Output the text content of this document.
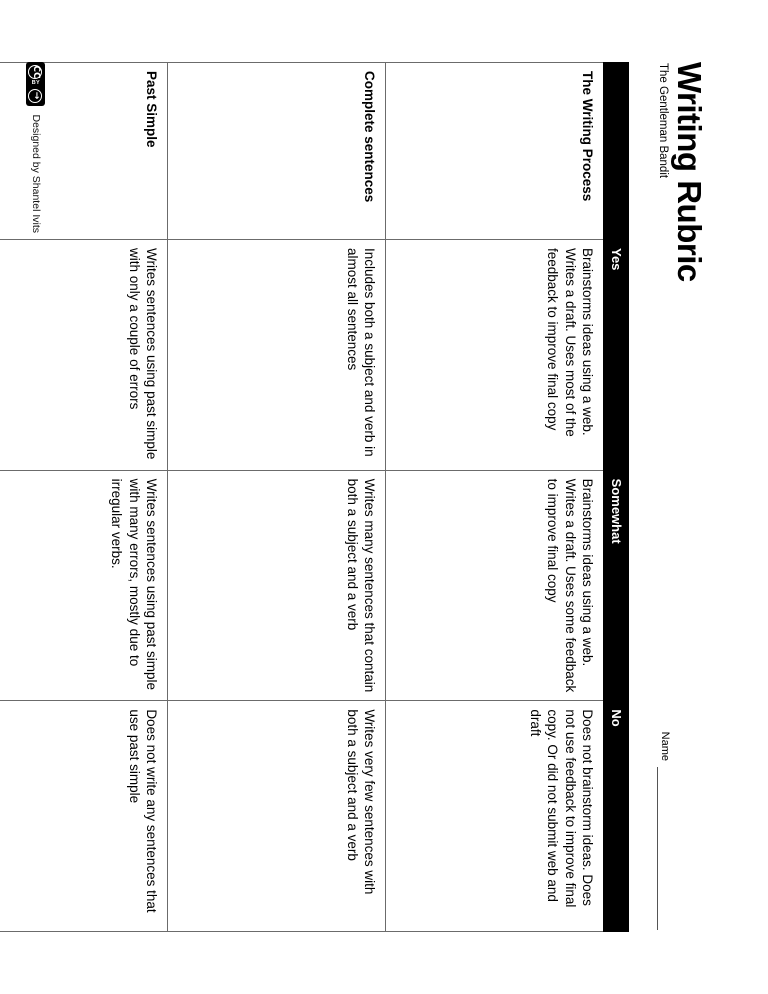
Writing Rubric
The Gentleman Bandit
Name
	Yes	Somewhat	No
The Writing Process	Brainstorms ideas using a web. Writes a draft. Uses most of the feedback to improve final copy	Brainstorms ideas using a web. Writes a draft. Uses some feedback to improve final copy	Does not brainstorm ideas. Does not use feedback to improve final copy. Or did not submit web and draft
Complete sentences	Includes both a subject and verb in almost all sentences	Writes many sentences that contain both a subject and a verb	Writes very few sentences with both a subject and a verb
Past Simple	Writes sentences using past simple with only a couple of errors	Writes sentences using past simple with many errors, mostly due to irregular verbs.	Does not write any sentences that use past simple
CC
BY
→
Designed by Shantel Ivits
